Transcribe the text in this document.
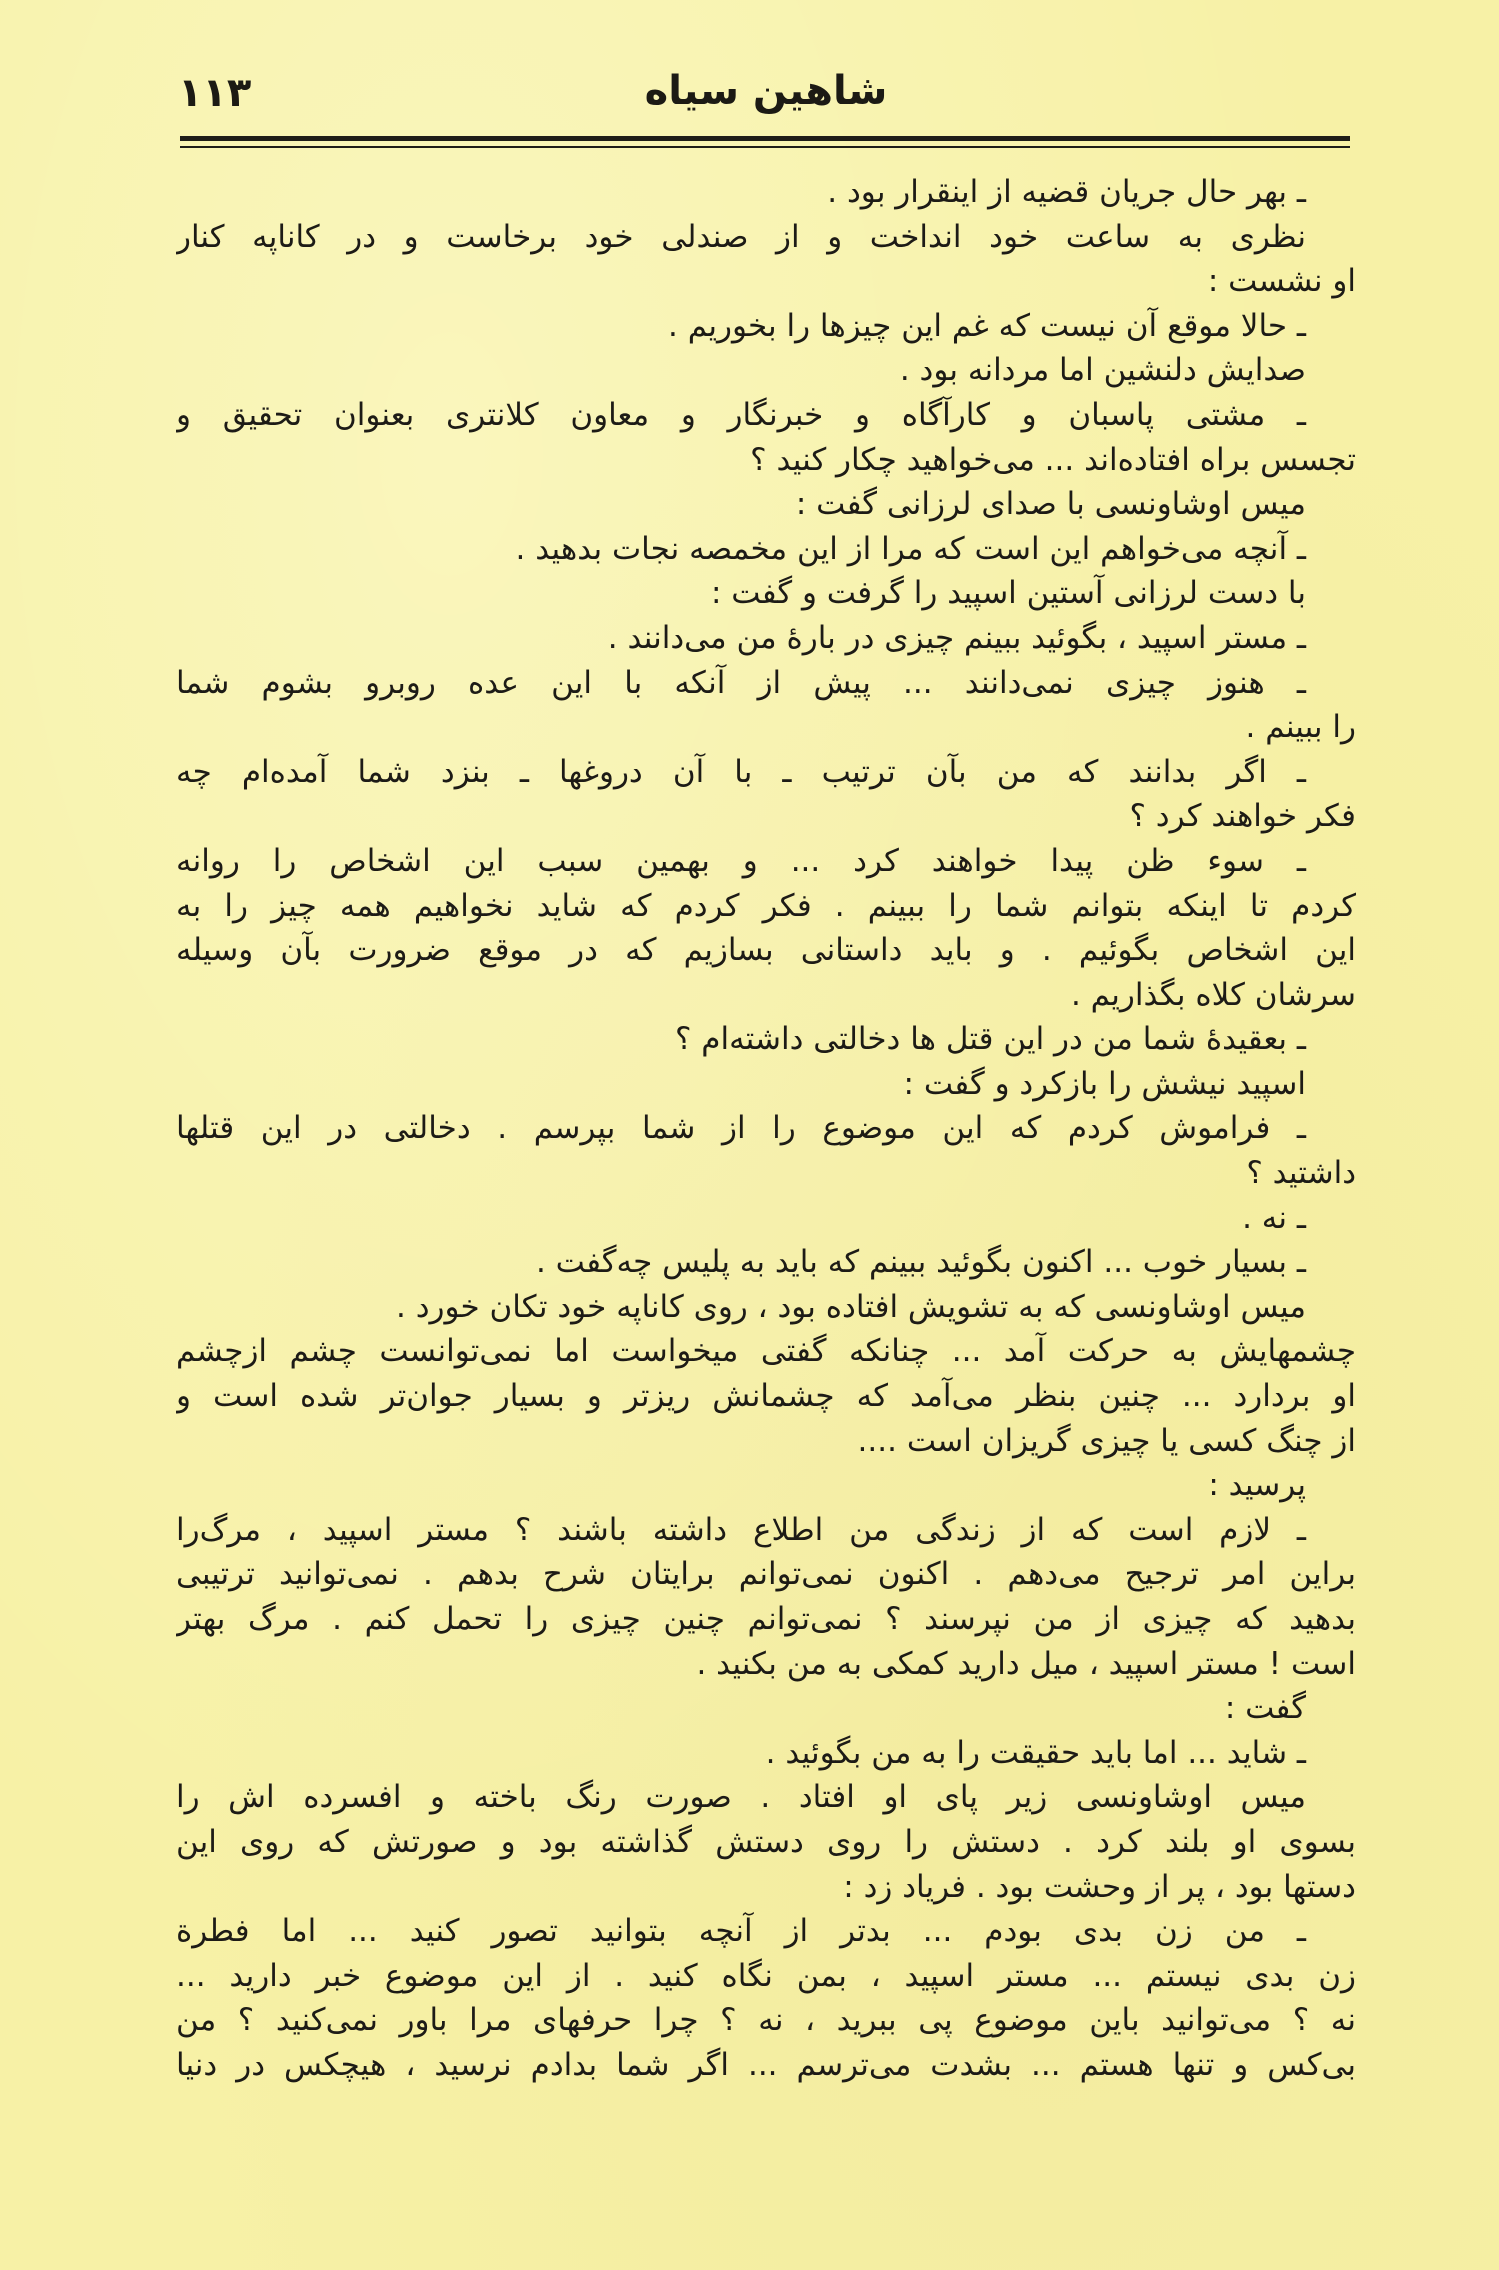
۱۱۳	شاهین سیاه
ـ بهر حال جریان قضیه از اینقرار بود .
نظری به ساعت خود انداخت و از صندلی خود برخاست و در کاناپه کنار
او نشست :
ـ حالا موقع آن نیست که غم این چیزها را بخوریم .
صدایش دلنشین اما مردانه بود .
ـ مشتی پاسبان و کارآگاه و خبرنگار و معاون کلانتری بعنوان تحقیق و
تجسس براه افتاده‌اند ... می‌خواهید چکار کنید ؟
میس اوشاونسی با صدای لرزانی گفت :
ـ آنچه می‌خواهم این است که مرا از این مخمصه نجات بدهید .
با دست لرزانی آستین اسپید را گرفت و گفت :
ـ مستر اسپید ، بگوئید ببینم چیزی در بارهٔ من می‌دانند .
ـ هنوز چیزی نمی‌دانند ... پیش از آنکه با این عده روبرو بشوم شما
را ببینم .
ـ اگر بدانند که من بآن ترتیب ـ با آن دروغها ـ بنزد شما آمده‌ام چه
فکر خواهند کرد ؟
ـ سوء ظن پیدا خواهند کرد ... و بهمین سبب این اشخاص را روانه
کردم تا اینکه بتوانم شما را ببینم . فکر کردم که شاید نخواهیم همه چیز را به
این اشخاص بگوئیم . و باید داستانی بسازیم که در موقع ضرورت بآن وسیله
سرشان کلاه بگذاریم .
ـ بعقیدهٔ شما من در این قتل ها دخالتی داشته‌ام ؟
اسپید نیشش را بازکرد و گفت :
ـ فراموش کردم که این موضوع را از شما بپرسم . دخالتی در این قتلها
داشتید ؟
ـ نه .
ـ بسیار خوب ... اکنون بگوئید ببینم که باید به پلیس چه‌گفت .
میس اوشاونسی که به تشویش افتاده بود ، روی کاناپه خود تکان خورد .
چشمهایش به حرکت آمد ... چنانکه گفتی میخواست اما نمی‌توانست چشم ازچشم
او بردارد ... چنین بنظر می‌آمد که چشمانش ریزتر و بسیار جوان‌تر شده است و
از چنگ کسی یا چیزی گریزان است ....
پرسید :
ـ لازم است که از زندگی من اطلاع داشته باشند ؟ مستر اسپید ، مرگ‌را
براین امر ترجیح می‌دهم . اکنون نمی‌توانم برایتان شرح بدهم . نمی‌توانید ترتیبی
بدهید که چیزی از من نپرسند ؟ نمی‌توانم چنین چیزی را تحمل کنم . مرگ بهتر
است ! مستر اسپید ، میل دارید کمکی به من بکنید .
گفت :
ـ شاید ... اما باید حقیقت را به من بگوئید .
میس اوشاونسی زیر پای او افتاد . صورت رنگ باخته و افسرده اش را
بسوی او بلند کرد . دستش را روی دستش گذاشته بود و صورتش که روی این
دستها بود ، پر از وحشت بود . فریاد زد :
ـ من زن بدی بودم ... بدتر از آنچه بتوانید تصور کنید ... اما فطرة
زن بدی نیستم ... مستر اسپید ، بمن نگاه کنید . از این موضوع خبر دارید ...
نه ؟ می‌توانید باین موضوع پی ببرید ، نه ؟ چرا حرفهای مرا باور نمی‌کنید ؟ من
بی‌کس و تنها هستم ... بشدت می‌ترسم ... اگر شما بدادم نرسید ، هیچکس در دنیا
